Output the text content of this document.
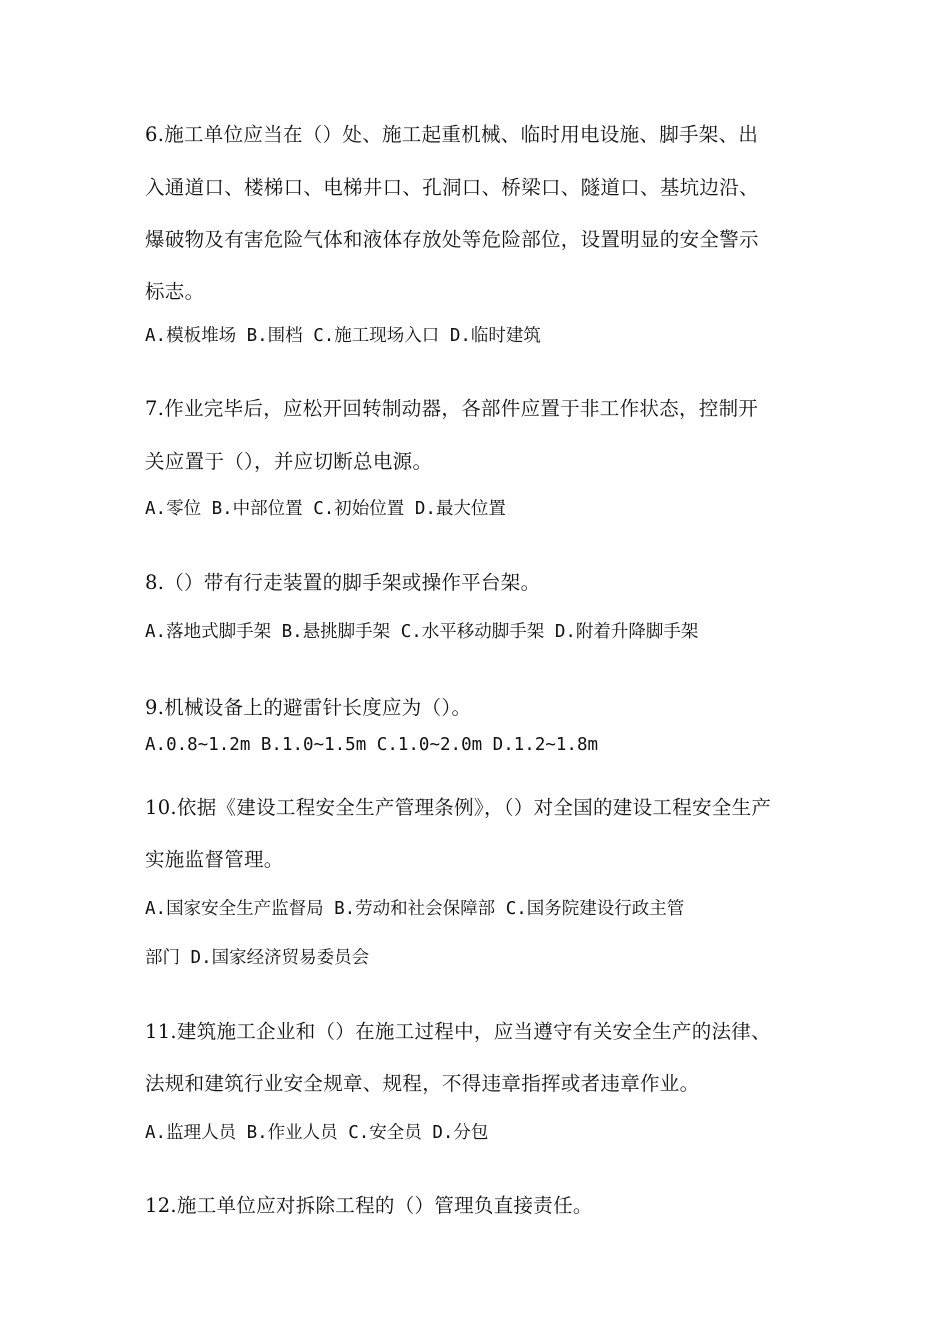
6.施工单位应当在（）处、施工起重机械、临时用电设施、脚手架、出
入通道口、楼梯口、电梯井口、孔洞口、桥梁口、隧道口、基坑边沿、
爆破物及有害危险气体和液体存放处等危险部位，设置明显的安全警示
标志。
A.模板堆场 B.围档 C.施工现场入口 D.临时建筑
7.作业完毕后，应松开回转制动器，各部件应置于非工作状态，控制开
关应置于（），并应切断总电源。
A.零位 B.中部位置 C.初始位置 D.最大位置
8.（）带有行走装置的脚手架或操作平台架。
A.落地式脚手架 B.悬挑脚手架 C.水平移动脚手架 D.附着升降脚手架
9.机械设备上的避雷针长度应为（）。
A.0.8~1.2m B.1.0~1.5m C.1.0~2.0m D.1.2~1.8m
10.依据《建设工程安全生产管理条例》，（）对全国的建设工程安全生产
实施监督管理。
A.国家安全生产监督局 B.劳动和社会保障部 C.国务院建设行政主管
部门 D.国家经济贸易委员会
11.建筑施工企业和（）在施工过程中，应当遵守有关安全生产的法律、
法规和建筑行业安全规章、规程，不得违章指挥或者违章作业。
A.监理人员 B.作业人员 C.安全员 D.分包
12.施工单位应对拆除工程的（）管理负直接责任。
